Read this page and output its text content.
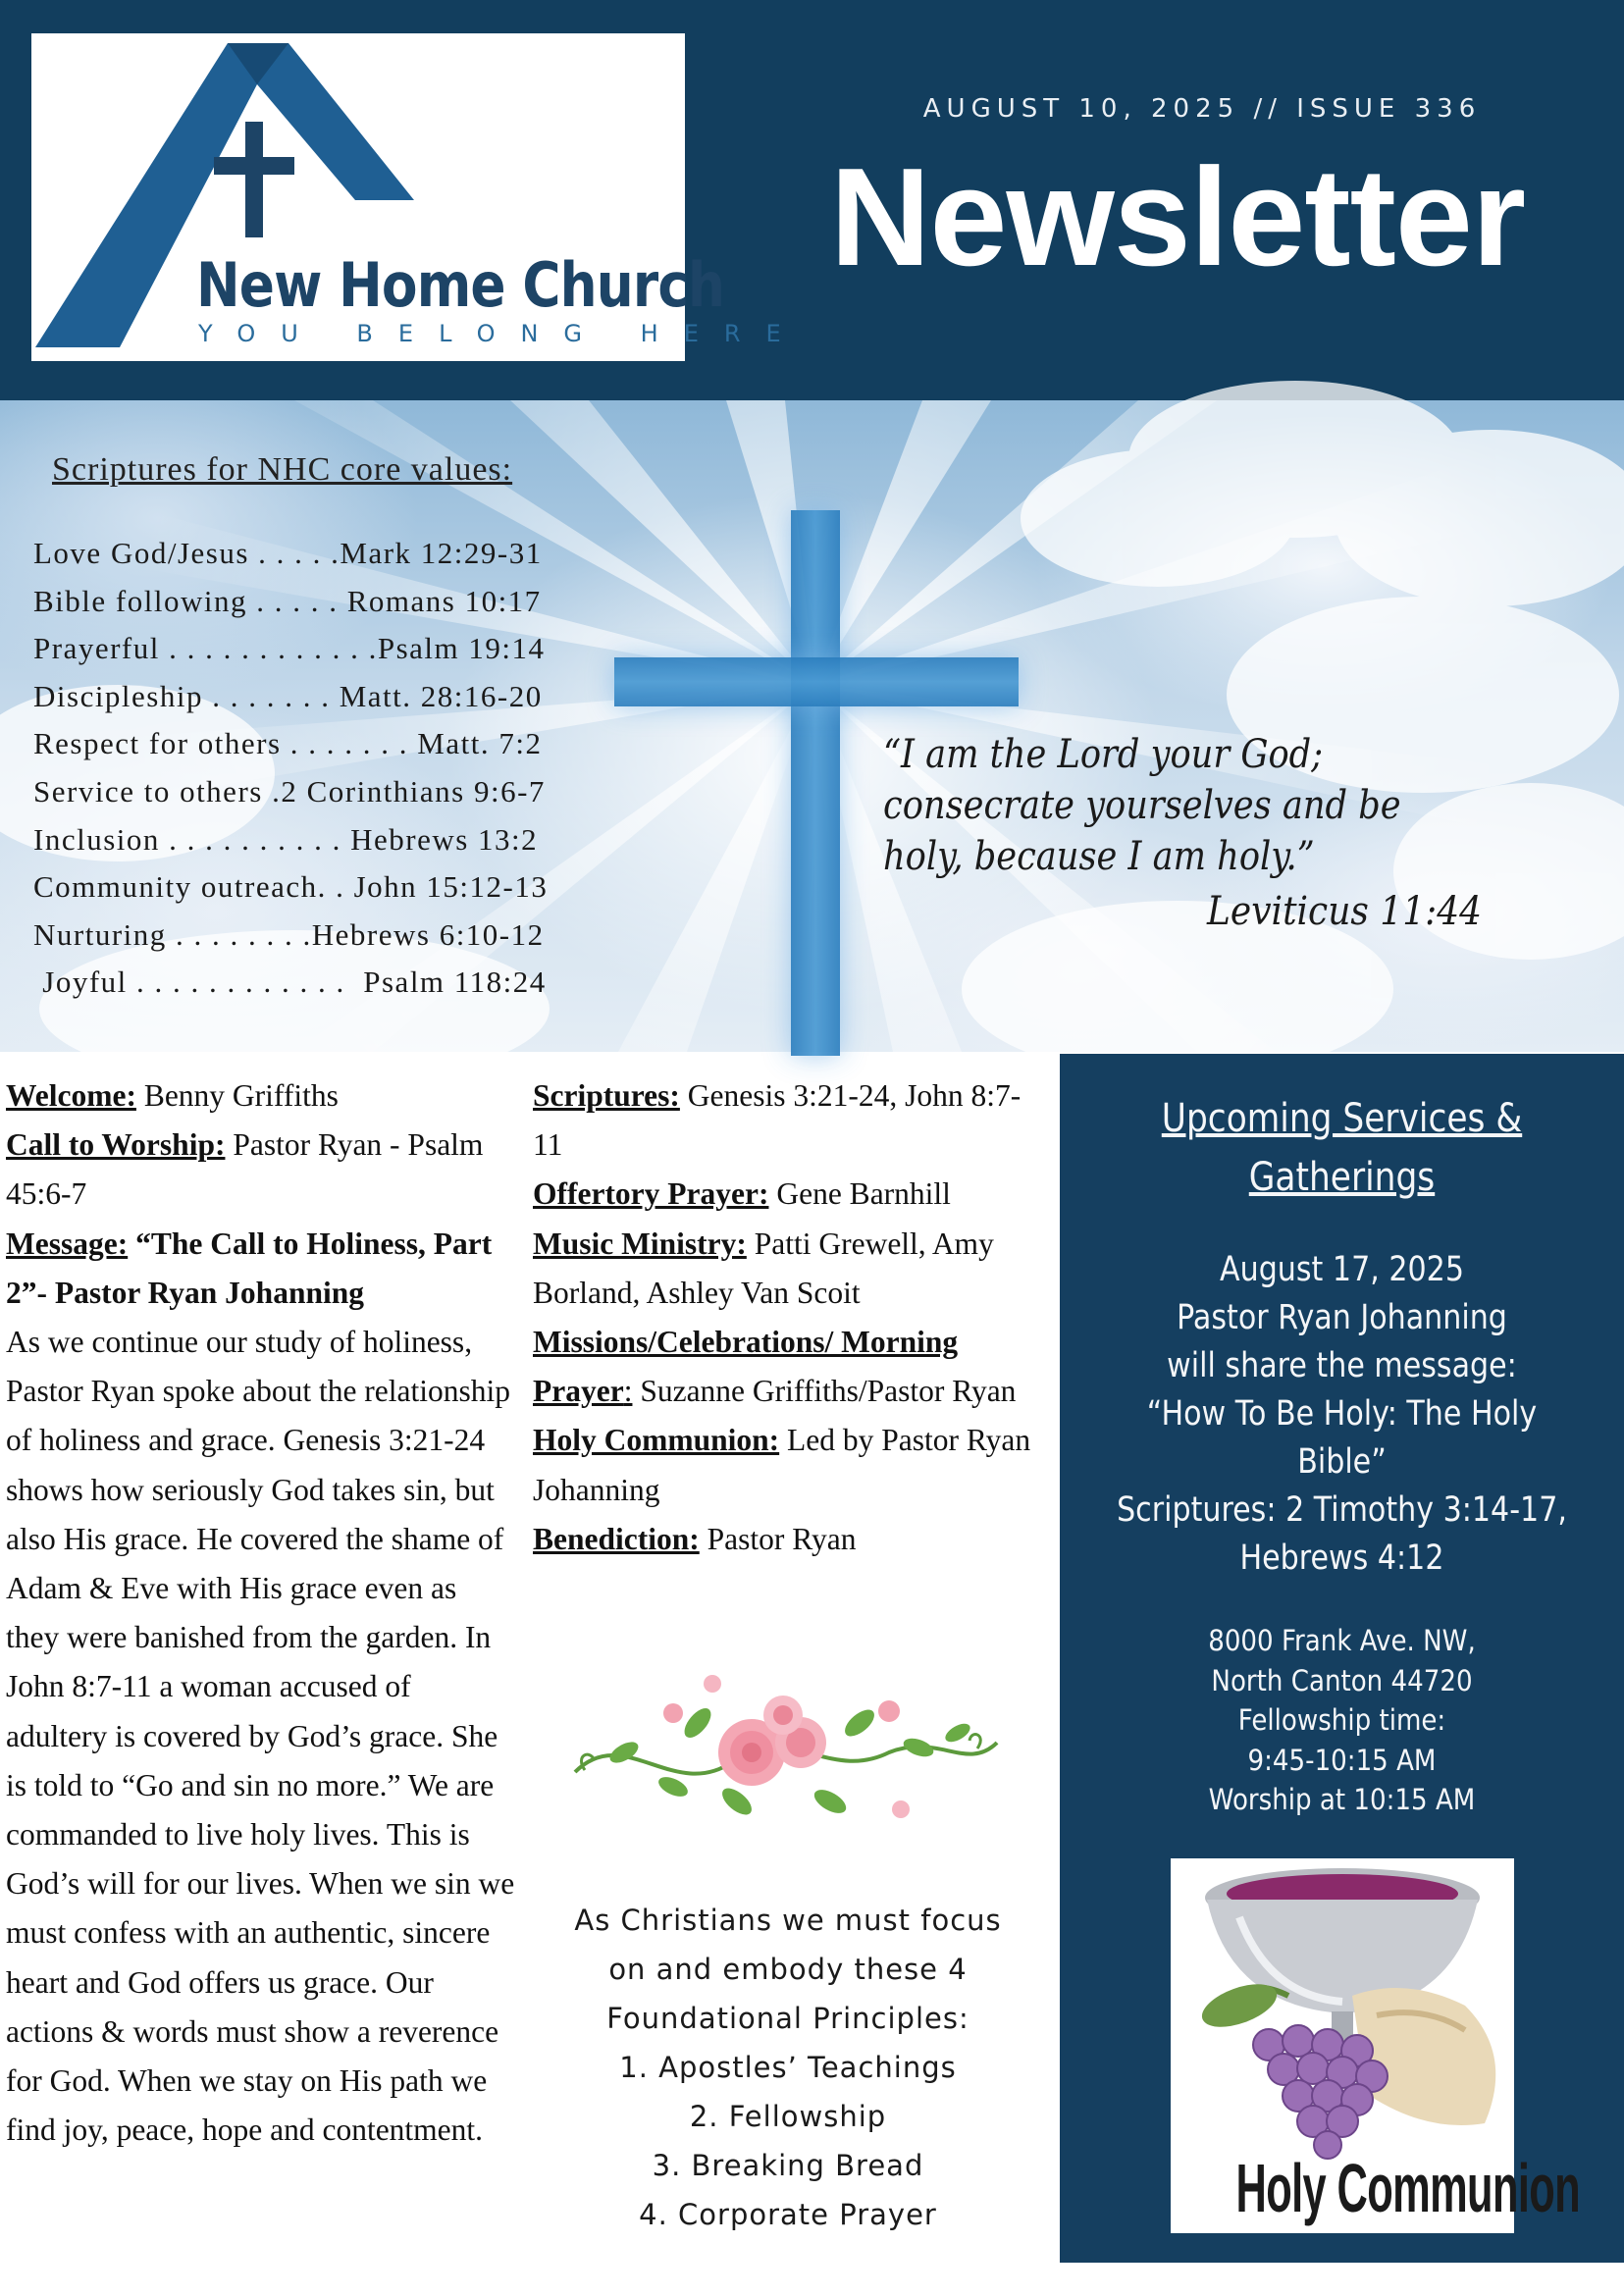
New Home Church
YOU BELONG HERE
AUGUST 10, 2025 // ISSUE 336
Newsletter
Scriptures for NHC core values:
Love God/Jesus . . . . .Mark 12:29-31
Bible following . . . . . Romans 10:17
Prayerful . . . . . . . . . . . .Psalm 19:14
Discipleship . . . . . . . Matt. 28:16-20
Respect for others . . . . . . . Matt. 7:2
Service to others .2 Corinthians 9:6-7
Inclusion . . . . . . . . . . Hebrews 13:2
Community outreach. . John 15:12-13
Nurturing . . . . . . . .Hebrews 6:10-12
Joyful . . . . . . . . . . . .  Psalm 118:24
“I am the Lord your God; consecrate yourselves and be holy, because I am holy.”
Leviticus 11:44
Welcome: Benny Griffiths
Call to Worship: Pastor Ryan - Psalm 45:6-7
Message: “The Call to Holiness, Part 2”- Pastor Ryan Johanning
As we continue our study of holiness, Pastor Ryan spoke about the relationship of holiness and grace. Genesis 3:21-24 shows how seriously God takes sin, but also His grace. He covered the shame of Adam & Eve with His grace even as they were banished from the garden. In John 8:7-11 a woman accused of adultery is covered by God’s grace. She is told to “Go and sin no more.” We are commanded to live holy lives. This is God’s will for our lives. When we sin we must confess with an authentic, sincere heart and God offers us grace. Our actions & words must show a reverence for God. When we stay on His path we find joy, peace, hope and contentment.
Scriptures: Genesis 3:21-24, John 8:7-11
Offertory Prayer: Gene Barnhill
Music Ministry: Patti Grewell, Amy Borland, Ashley Van Scoit
Missions/Celebrations/ Morning Prayer: Suzanne Griffiths/Pastor Ryan
Holy Communion: Led by Pastor Ryan Johanning
Benediction: Pastor Ryan
As Christians we must focus
on and embody these 4
Foundational Principles:
1. Apostles’ Teachings
2. Fellowship
3. Breaking Bread
4. Corporate Prayer
Upcoming Services &
Gatherings
August 17, 2025
Pastor Ryan Johanning
will share the message:
“How To Be Holy: The Holy
Bible”
Scriptures: 2 Timothy 3:14-17,
Hebrews 4:12
8000 Frank Ave. NW,
North Canton 44720
Fellowship time:
9:45-10:15 AM
Worship at 10:15 AM
Holy Communion
